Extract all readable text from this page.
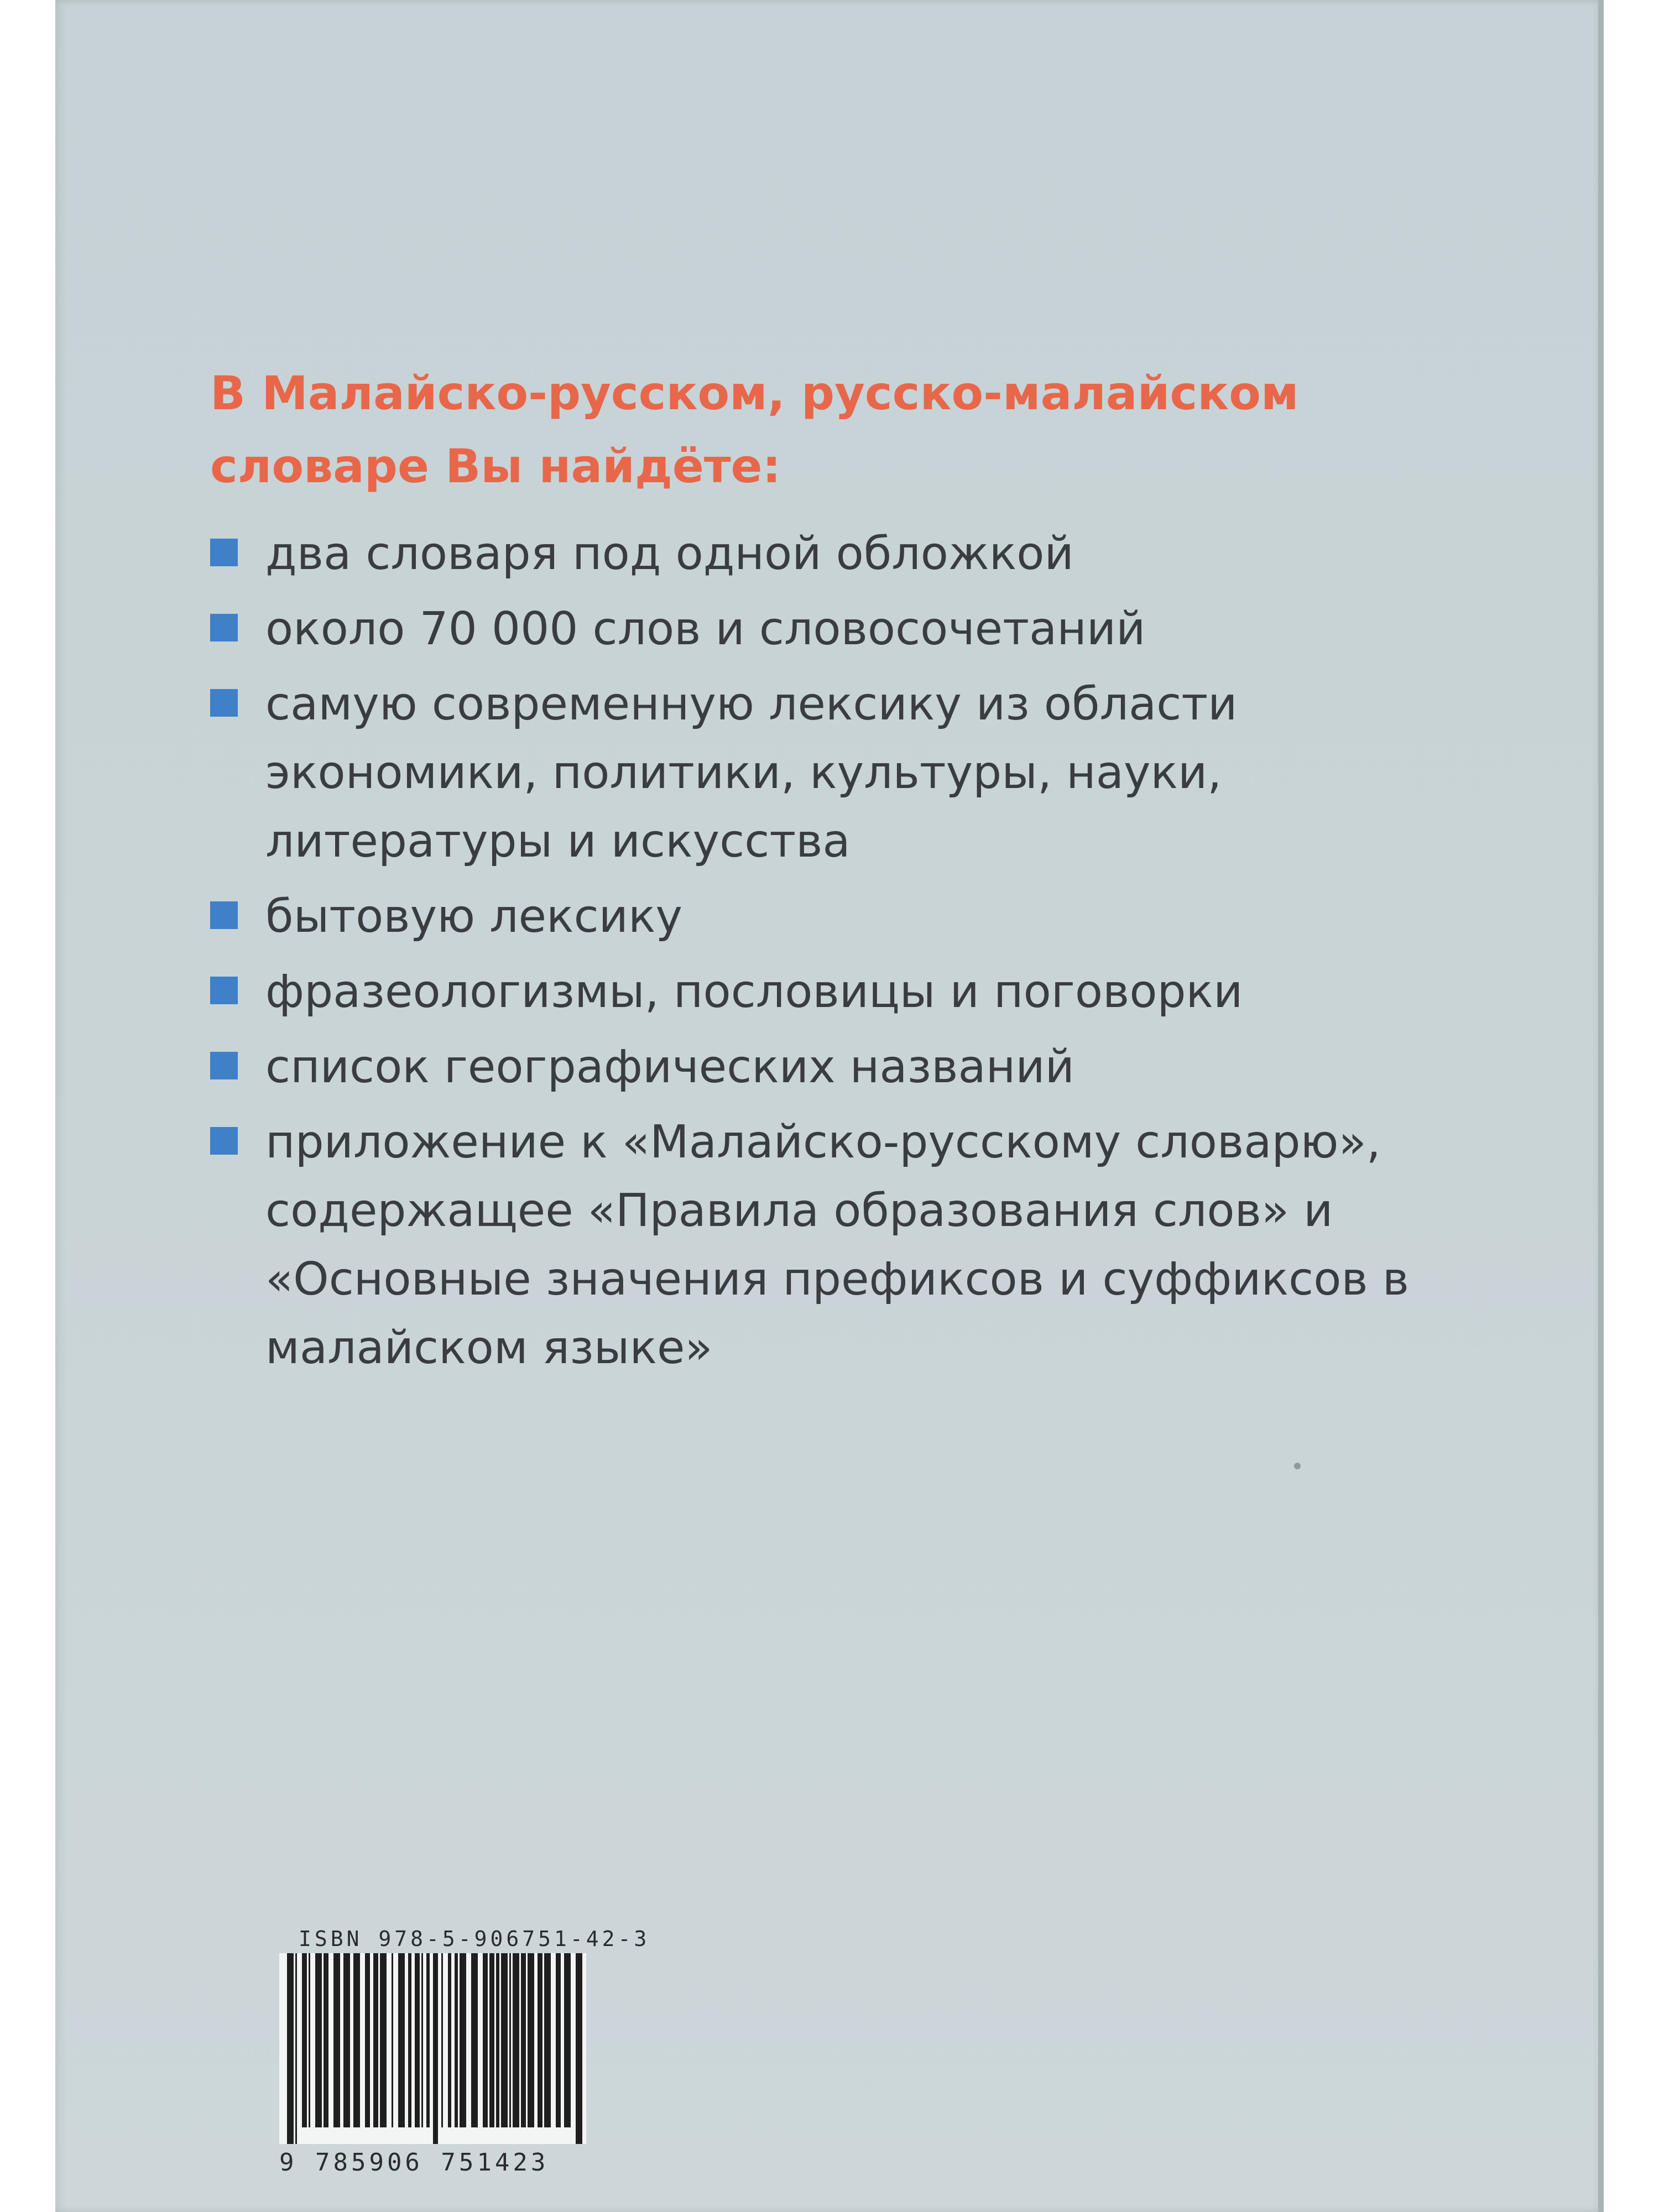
В Малайско-русском, русско-малайском словаре Вы найдёте:
два словаря под одной обложкой
около 70 000 слов и словосочетаний
самую современную лексику из области экономики, политики, культуры, науки, литературы и искусства
бытовую лексику
фразеологизмы, пословицы и поговорки
список географических названий
приложение к «Малайско-русскому словарю», содержащее «Правила образования слов» и «Основные значения префиксов и суффиксов в малайском языке»

ISBN 978-5-906751-42-3

9 785906 751423
